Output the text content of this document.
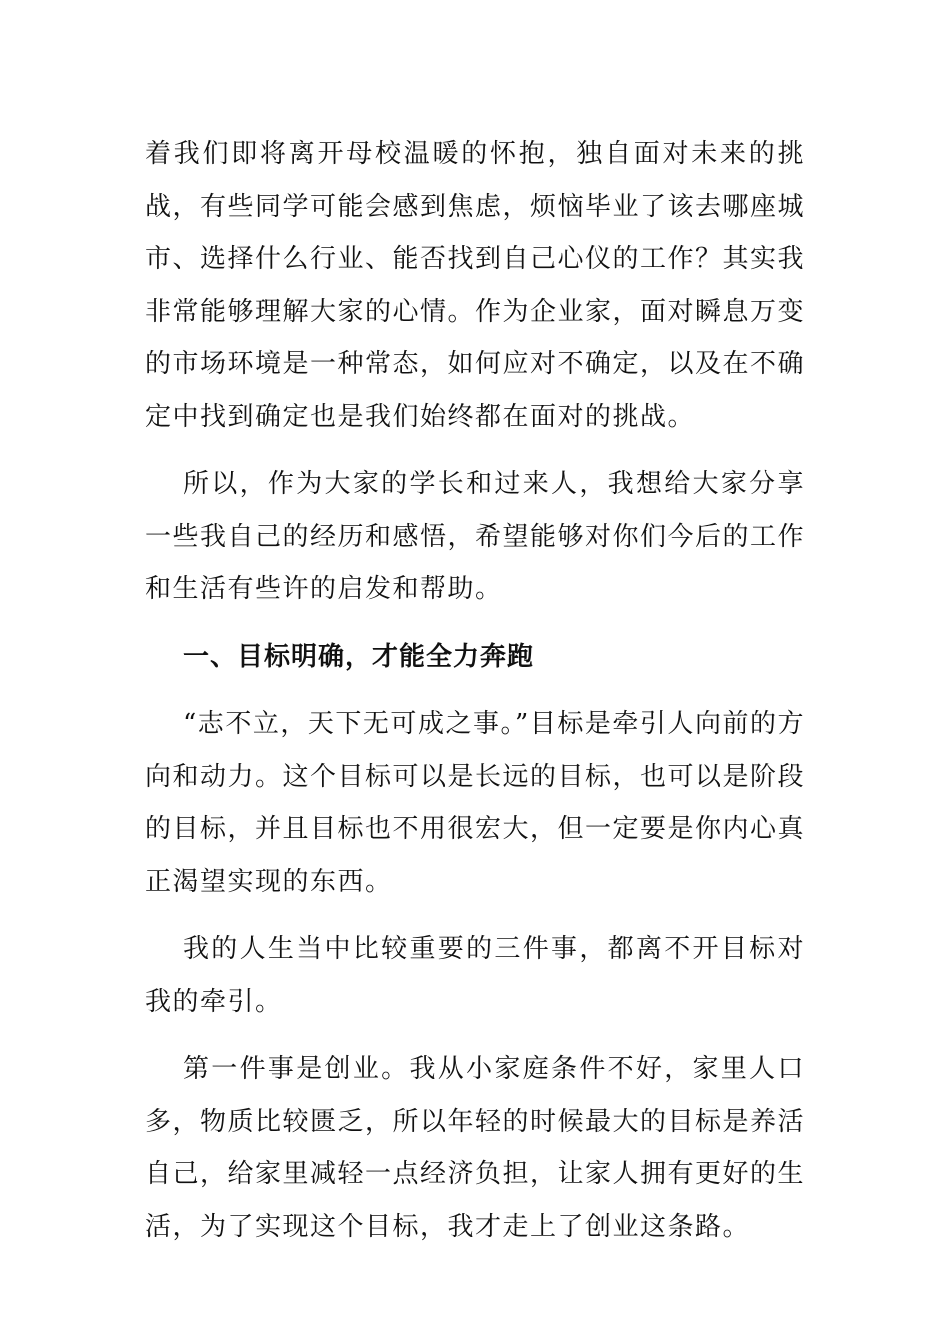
着我们即将离开母校温暖的怀抱，独自面对未来的挑战，有些同学可能会感到焦虑，烦恼毕业了该去哪座城市、选择什么行业、能否找到自己心仪的工作？其实我非常能够理解大家的心情。作为企业家，面对瞬息万变的市场环境是一种常态，如何应对不确定，以及在不确定中找到确定也是我们始终都在面对的挑战。

所以，作为大家的学长和过来人，我想给大家分享一些我自己的经历和感悟，希望能够对你们今后的工作和生活有些许的启发和帮助。

一、目标明确，才能全力奔跑

“志不立，天下无可成之事。”目标是牵引人向前的方向和动力。这个目标可以是长远的目标，也可以是阶段的目标，并且目标也不用很宏大，但一定要是你内心真正渴望实现的东西。

我的人生当中比较重要的三件事，都离不开目标对我的牵引。

第一件事是创业。我从小家庭条件不好，家里人口多，物质比较匮乏，所以年轻的时候最大的目标是养活自己，给家里减轻一点经济负担，让家人拥有更好的生活，为了实现这个目标，我才走上了创业这条路。
